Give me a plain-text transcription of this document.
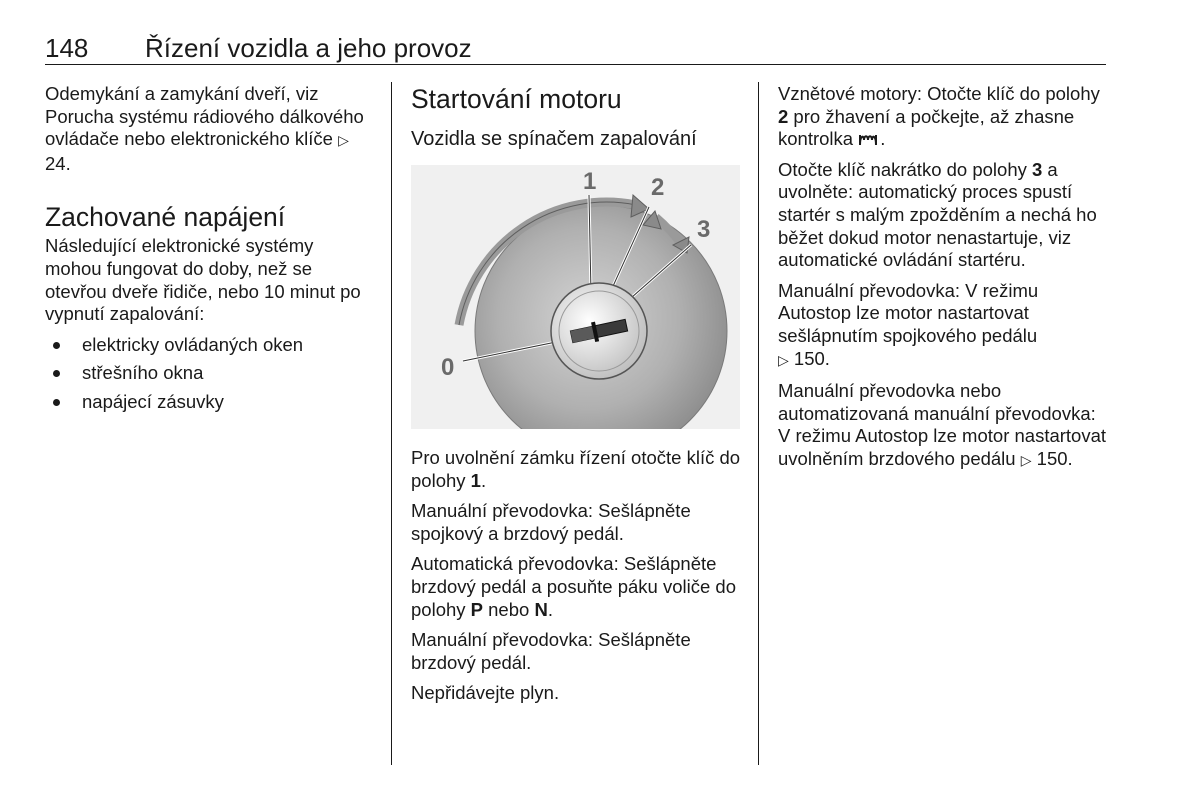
148 Řízení vozidla a jeho provoz

Odemykání a zamykání dveří, viz Porucha systému rádiového dálkového ovládače nebo elektronického klíče ▷ 24.

Zachované napájení

Následující elektronické systémy mohou fungovat do doby, než se otevřou dveře řidiče, nebo 10 minut po vypnutí zapalování:

elektricky ovládaných oken
střešního okna
napájecí zásuvky
Startování motoru
Vozidla se spínačem zapalování
1 2
3
0

Pro uvolnění zámku řízení otočte klíč do polohy 1.

Manuální převodovka: Sešlápněte spojkový a brzdový pedál.

Automatická převodovka: Sešlápněte brzdový pedál a posuňte páku voliče do polohy P nebo N.

Manuální převodovka: Sešlápněte brzdový pedál.

Nepřidávejte plyn.

Vznětové motory: Otočte klíč do polohy 2 pro žhavení a počkejte, až zhasne kontrolka .

Otočte klíč nakrátko do polohy 3 a uvolněte: automatický proces spustí startér s malým zpožděním a nechá ho běžet dokud motor nenastartuje, viz automatické ovládání startéru.

Manuální převodovka: V režimu Autostop lze motor nastartovat sešlápnutím spojkového pedálu
▷ 150.

Manuální převodovka nebo automatizovaná manuální převodovka: V režimu Autostop lze motor nastartovat uvolněním brzdového pedálu ▷ 150.
